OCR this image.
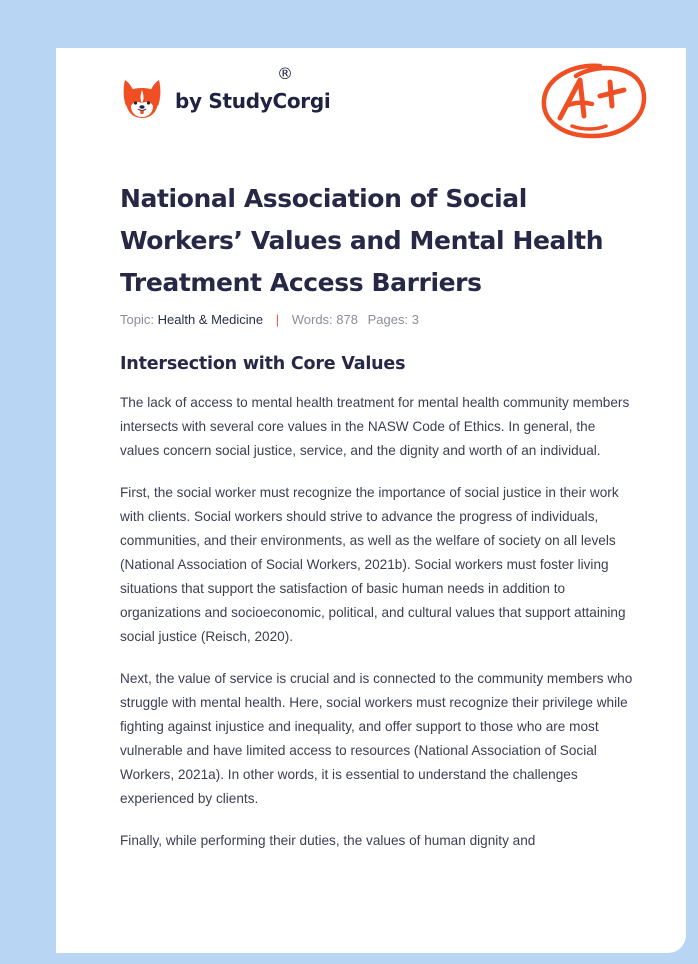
by StudyCorgi
®
National Association of Social Workers’ Values and Mental Health Treatment Access Barriers
Topic: Health & Medicine | Words: 878 Pages: 3
Intersection with Core Values

The lack of access to mental health treatment for mental health community members intersects with several core values in the NASW Code of Ethics. In general, the values concern social justice, service, and the dignity and worth of an individual.

First, the social worker must recognize the importance of social justice in their work with clients. Social workers should strive to advance the progress of individuals, communities, and their environments, as well as the welfare of society on all levels (National Association of Social Workers, 2021b). Social workers must foster living situations that support the satisfaction of basic human needs in addition to organizations and socioeconomic, political, and cultural values that support attaining social justice (Reisch, 2020).

Next, the value of service is crucial and is connected to the community members who struggle with mental health. Here, social workers must recognize their privilege while fighting against injustice and inequality, and offer support to those who are most vulnerable and have limited access to resources (National Association of Social Workers, 2021a). In other words, it is essential to understand the challenges experienced by clients.

Finally, while performing their duties, the values of human dignity and
